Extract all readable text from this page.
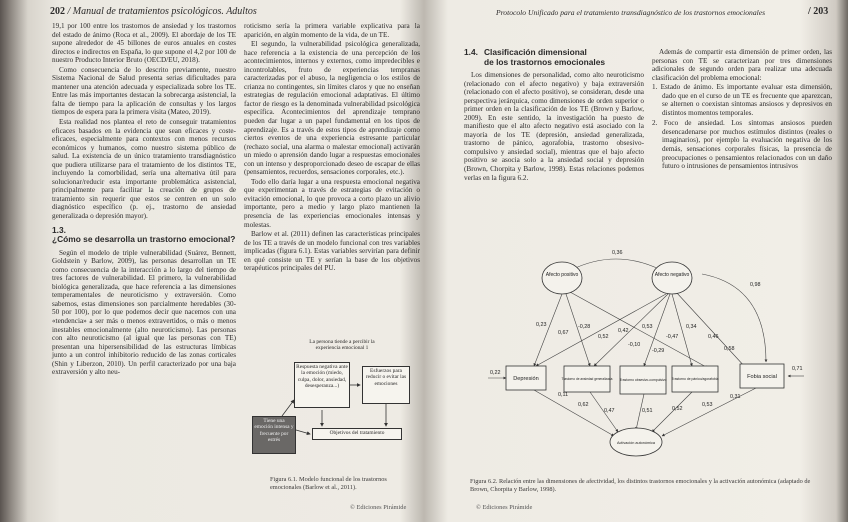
202 / Manual de tratamientos psicológicos. Adultos

19,1 por 100 entre los trastornos de ansiedad y los trastornos del estado de ánimo (Roca et al., 2009). El abordaje de los TE supone alrededor de 45 billones de euros anuales en costes directos e indirectos en España, lo que supone el 4,2 por 100 de nuestro Producto Interior Bruto (OECD/EU, 2018).

Como consecuencia de lo descrito previamente, nuestro Sistema Nacional de Salud presenta serias dificultades para mantener una atención adecuada y especializada sobre los TE. Entre las más importantes destacan la sobrecarga asistencial, la falta de tiempo para la aplicación de consultas y los largos tiempos de espera para la primera visita (Mateo, 2019).

Esta realidad nos plantea el reto de conseguir tratamientos eficaces basados en la evidencia que sean eficaces y coste-eficaces, especialmente para contextos con menos recursos económicos y humanos, como nuestro sistema público de salud. La existencia de un único tratamiento transdiagnóstico que pudiera utilizarse para el tratamiento de los distintos TE, incluyendo la comorbilidad, sería una alternativa útil para solucionar/reducir esta importante problemática asistencial, principalmente para facilitar la creación de grupos de tratamiento sin requerir que estos se centren en un solo diagnóstico específico (p. ej., trastorno de ansiedad generalizada o depresión mayor).

1.3.¿Cómo se desarrolla un trastorno emocional?

Según el modelo de triple vulnerabilidad (Suárez, Bennett, Goldstein y Barlow, 2009), las personas desarrollan un TE como consecuencia de la interacción a lo largo del tiempo de tres factores de vulnerabilidad. El primero, la vulnerabilidad biológica generalizada, que hace referencia a las dimensiones temperamentales de neuroticismo y extraversión. Como sabemos, estas dimensiones son parcialmente heredables (30-50 por 100), por lo que podemos decir que nacemos con una «tendencia» a ser más o menos extravertidos, o más o menos inestables emocionalmente (alto neuroticismo). Las personas con alto neuroticismo (al igual que las personas con TE) presentan una hipersensibilidad de las estructuras límbicas junto a un control inhibitorio reducido de las zonas corticales (Shin y Liberzon, 2010). Un perfil caracterizado por una baja extraversión y alto neu-

roticismo sería la primera variable explicativa para la aparición, en algún momento de la vida, de un TE.

El segundo, la vulnerabilidad psicológica generalizada, hace referencia a la existencia de una percepción de los acontecimientos, internos y externos, como impredecibles e incontrolables, fruto de experiencias tempranas caracterizadas por el abuso, la negligencia o los estilos de crianza no contingentes, sin límites claros y que no enseñan estrategias de regulación emocional adaptativas. El último factor de riesgo es la denominada vulnerabilidad psicológica específica. Acontecimientos del aprendizaje temprano pueden dar lugar a un papel fundamental en los tipos de aprendizaje. Es a través de estos tipos de aprendizaje como ciertos eventos de una experiencia estresante particular (rechazo social, una alarma o malestar emocional) activarán un miedo o aprensión dando lugar a respuestas emocionales con un intenso y desproporcionado deseo de escapar de ellas (pensamientos, recuerdos, sensaciones corporales, etc.).

Todo ello daría lugar a una respuesta emocional negativa que experimentan a través de estrategias de evitación o evitación emocional, lo que provoca a corto plazo un alivio importante, pero a medio y largo plazo mantienen la presencia de las experiencias emocionales intensas y molestas.

Barlow et al. (2011) definen las características principales de los TE a través de un modelo funcional con tres variables implicadas (figura 6.1). Estas variables servirían para definir en qué consiste un TE y serían la base de los objetivos terapéuticos principales del PU.

La persona tiende a percibir la
experiencia emocional 1
Respuesta negativa ante la emoción (miedo, culpa, dolor, ansiedad, desesperanza...)
Esfuerzos para reducir o evitar las emociones
Tiene una emoción intensa y frecuente por estrés
Objetivos del tratamiento
Figura 6.1. Modelo funcional de los trastornos emocionales (Barlow et al., 2011).
© Ediciones Pirámide
Protocolo Unificado para el tratamiento transdiagnóstico de los trastornos emocionales	/ 203
1.4. Clasificación dimensional
de los trastornos emocionales

Los dimensiones de personalidad, como alto neuroticismo (relacionado con el afecto negativo) y baja extraversión (relacionado con el afecto positivo), se consideran, desde una perspectiva jerárquica, como dimensiones de orden superior o primer orden en la clasificación de los TE (Brown y Barlow, 2009). En este sentido, la investigación ha puesto de manifiesto que el alto afecto negativo está asociado con la mayoría de los TE (depresión, ansiedad generalizada, trastorno de pánico, agorafobia, trastorno obsesivo-compulsivo y ansiedad social), mientras que el bajo afecto positivo se asocia solo a la ansiedad social y depresión (Brown, Chorpita y Barlow, 1998). Estas relaciones podemos verlas en la figura 6.2.

Además de compartir esta dimensión de primer orden, las personas con TE se caracterizan por tres dimensiones adicionales de segundo orden para realizar una adecuada clasificación del problema emocional:

1. Estado de ánimo. Es importante evaluar esta dimensión, dado que en el curso de un TE es frecuente que aparezcan, se alternen o coexistan síntomas ansiosos y depresivos en distintos momentos temporales.
2. Foco de ansiedad. Los síntomas ansiosos pueden desencadenarse por muchos estímulos distintos (reales o imaginarios), por ejemplo la evaluación negativa de los demás, sensaciones corporales físicas, la presencia de preocupaciones o pensamientos relacionados con un daño futuro o intrusiones de pensamientos intrusivos
Afecto positivo	Afecto negativo
Depresión	Trastorno de ansiedad generalizada Trastorno obsesivo-compulsivo Trastorno de pánico/agorafobia	Fobia social
Activación autonómica
0,36
0,98
0,23
0,67
-0,28
0,52
0,42
0,53
-0,47
0,34
0,46
-0,10
-0,29	0,58
0,22
0,11
0,62
0,47	0,51	0,52
0,53
0,71
0,31
Figura 6.2. Relación entre las dimensiones de afectividad, los distintos trastornos emocionales y la activación autonómica (adaptado de Brown, Chorpita y Barlow, 1998).
© Ediciones Pirámide
